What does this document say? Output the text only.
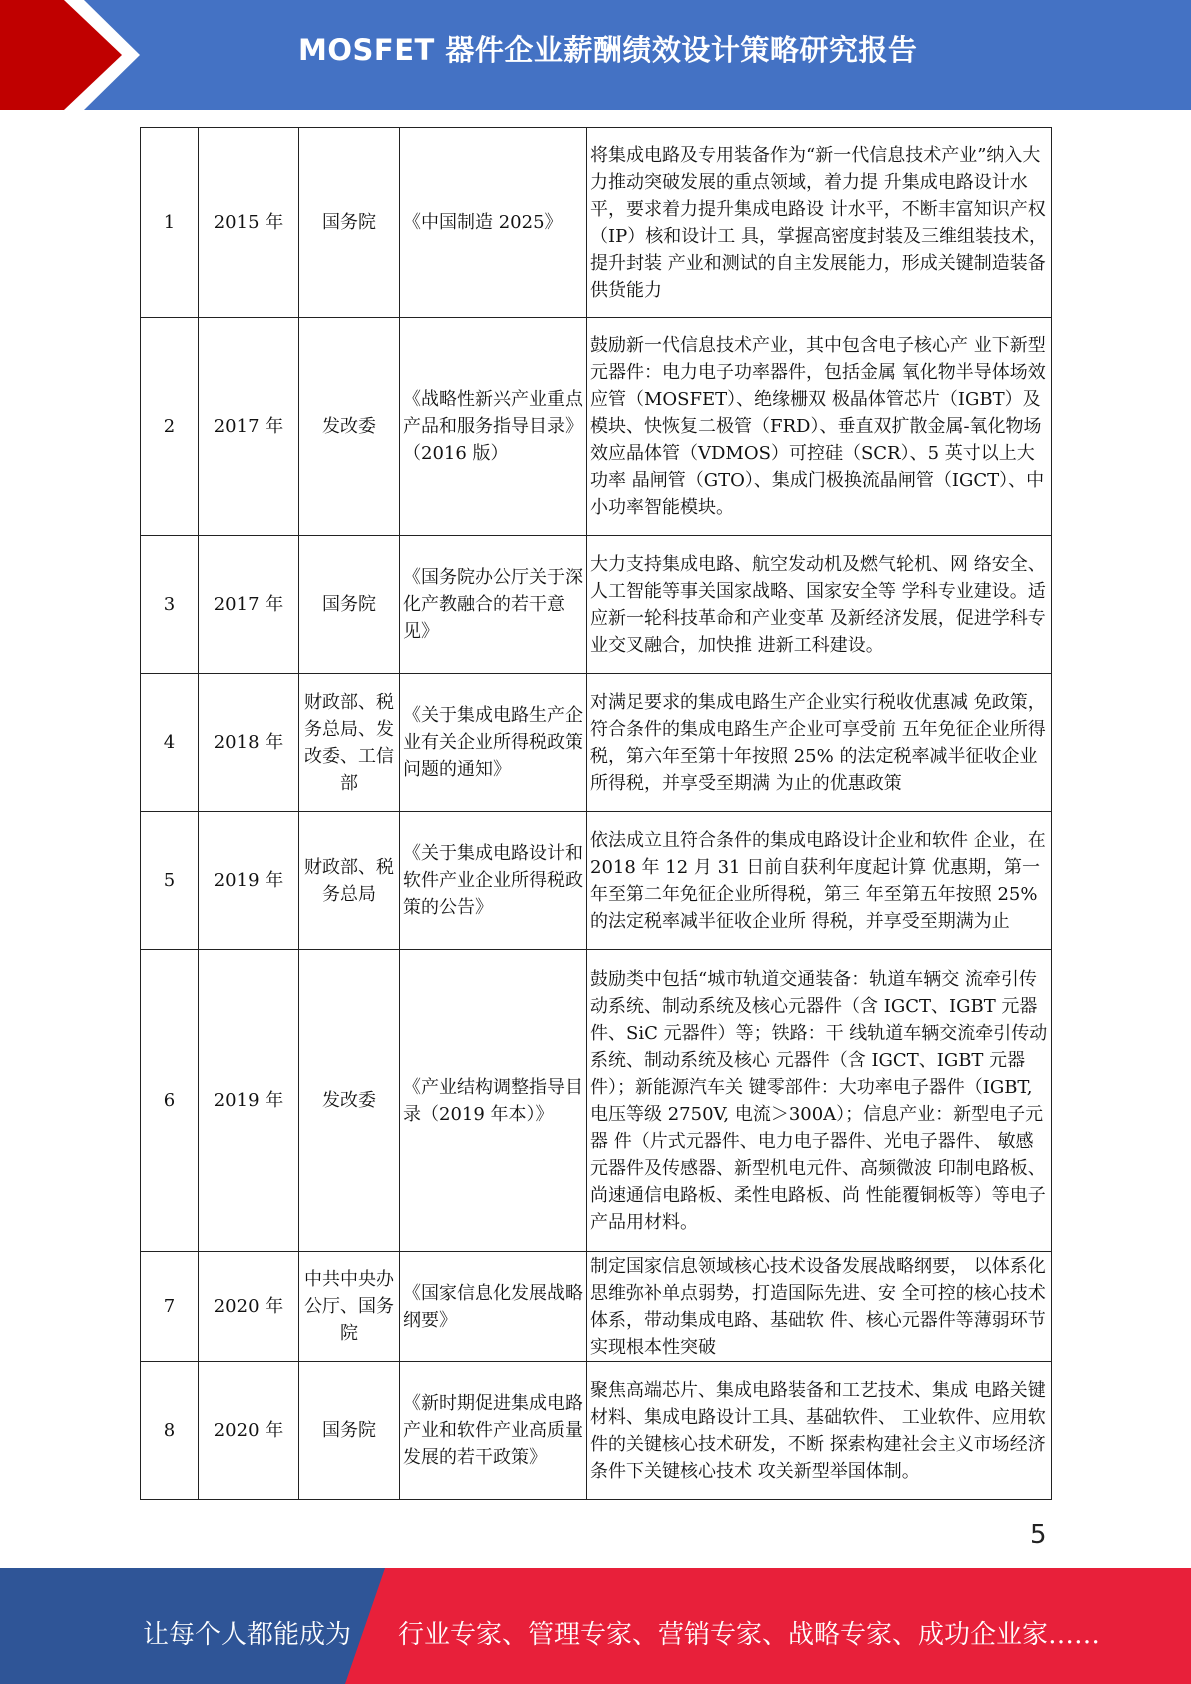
MOSFET 器件企业薪酬绩效设计策略研究报告
1	2015 年	国务院	《中国制造 2025》	将集成电路及专用装备作为“新一代信息技术产业”纳入大力推动突破发展的重点领域，着力提 升集成电路设计水平，要求着力提升集成电路设 计水平，不断丰富知识产权（IP）核和设计工 具，掌握高密度封装及三维组装技术，提升封装 产业和测试的自主发展能力，形成关键制造装备 供货能力
2	2017 年	发改委	《战略性新兴产业重点产品和服务指导目录》（2016 版）	鼓励新一代信息技术产业，其中包含电子核心产 业下新型元器件：电力电子功率器件，包括金属 氧化物半导体场效应管（MOSFET）、绝缘栅双 极晶体管芯片（IGBT）及模块、快恢复二极管（FRD）、垂直双扩散金属-氧化物场效应晶体管（VDMOS）可控硅（SCR）、5 英寸以上大功率 晶闸管（GTO）、集成门极换流晶闸管（IGCT）、中小功率智能模块。
3	2017 年	国务院	《国务院办公厅关于深化产教融合的若干意见》	大力支持集成电路、航空发动机及燃气轮机、网 络安全、人工智能等事关国家战略、国家安全等 学科专业建设。适应新一轮科技革命和产业变革 及新经济发展，促进学科专业交叉融合，加快推 进新工科建设。
4	2018 年	财政部、税务总局、发改委、工信部	《关于集成电路生产企业有关企业所得税政策问题的通知》	对满足要求的集成电路生产企业实行税收优惠减 免政策，符合条件的集成电路生产企业可享受前 五年免征企业所得税，第六年至第十年按照 25% 的法定税率减半征收企业所得税，并享受至期满 为止的优惠政策
5	2019 年	财政部、税务总局	《关于集成电路设计和软件产业企业所得税政策的公告》	依法成立且符合条件的集成电路设计企业和软件 企业，在 2018 年 12 月 31 日前自获利年度起计算 优惠期，第一年至第二年免征企业所得税，第三 年至第五年按照 25%的法定税率减半征收企业所 得税，并享受至期满为止
6	2019 年	发改委	《产业结构调整指导目录（2019 年本）》	鼓励类中包括“城市轨道交通装备：轨道车辆交 流牵引传动系统、制动系统及核心元器件（含 IGCT、IGBT 元器件、SiC 元器件）等；铁路：干 线轨道车辆交流牵引传动系统、制动系统及核心 元器件（含 IGCT、IGBT 元器件）；新能源汽车关 键零部件：大功率电子器件（IGBT, 电压等级 2750V, 电流＞300A）；信息产业：新型电子元器 件（片式元器件、电力电子器件、光电子器件、 敏感元器件及传感器、新型机电元件、高频微波 印制电路板、尚速通信电路板、柔性电路板、尚 性能覆铜板等）等电子产品用材料。
7	2020 年	中共中央办公厅、国务院	《国家信息化发展战略纲要》	制定国家信息领域核心技术设备发展战略纲要， 以体系化思维弥补单点弱势，打造国际先进、安 全可控的核心技术体系，带动集成电路、基础软 件、核心元器件等薄弱环节实现根本性突破
8	2020 年	国务院	《新时期促进集成电路产业和软件产业高质量发展的若干政策》	聚焦高端芯片、集成电路装备和工艺技术、集成 电路关键材料、集成电路设计工具、基础软件、 工业软件、应用软件的关键核心技术研发，不断 探索构建社会主义市场经济条件下关键核心技术 攻关新型举国体制。
5
让每个人都能成为 行业专家、管理专家、营销专家、战略专家、成功企业家……
